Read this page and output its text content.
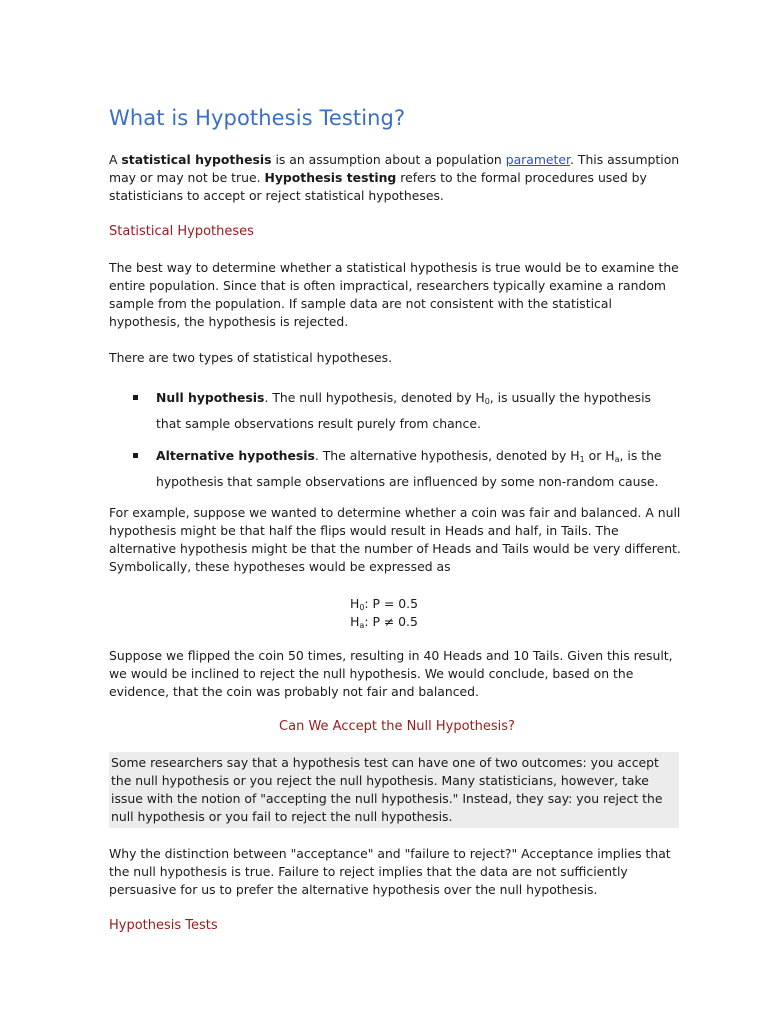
What is Hypothesis Testing?

A statistical hypothesis is an assumption about a population parameter. This assumption may or may not be true. Hypothesis testing refers to the formal procedures used by statisticians to accept or reject statistical hypotheses.

Statistical Hypotheses

The best way to determine whether a statistical hypothesis is true would be to examine the entire population. Since that is often impractical, researchers typically examine a random sample from the population. If sample data are not consistent with the statistical hypothesis, the hypothesis is rejected.

There are two types of statistical hypotheses.

Null hypothesis. The null hypothesis, denoted by $H_0$, is usually the hypothesis that sample observations result purely from chance.
Alternative hypothesis. The alternative hypothesis, denoted by $H_1$ or $H_a$, is the hypothesis that sample observations are influenced by some non-random cause.

For example, suppose we wanted to determine whether a coin was fair and balanced. A null hypothesis might be that half the flips would result in Heads and half, in Tails. The alternative hypothesis might be that the number of Heads and Tails would be very different. Symbolically, these hypotheses would be expressed as

$H_0$: P = 0.5
$H_a$: P ≠ 0.5

Suppose we flipped the coin 50 times, resulting in 40 Heads and 10 Tails. Given this result, we would be inclined to reject the null hypothesis. We would conclude, based on the evidence, that the coin was probably not fair and balanced.

Can We Accept the Null Hypothesis?

Some researchers say that a hypothesis test can have one of two outcomes: you accept the null hypothesis or you reject the null hypothesis. Many statisticians, however, take issue with the notion of "accepting the null hypothesis." Instead, they say: you reject the null hypothesis or you fail to reject the null hypothesis.

Why the distinction between "acceptance" and "failure to reject?" Acceptance implies that the null hypothesis is true. Failure to reject implies that the data are not sufficiently persuasive for us to prefer the alternative hypothesis over the null hypothesis.

Hypothesis Tests
